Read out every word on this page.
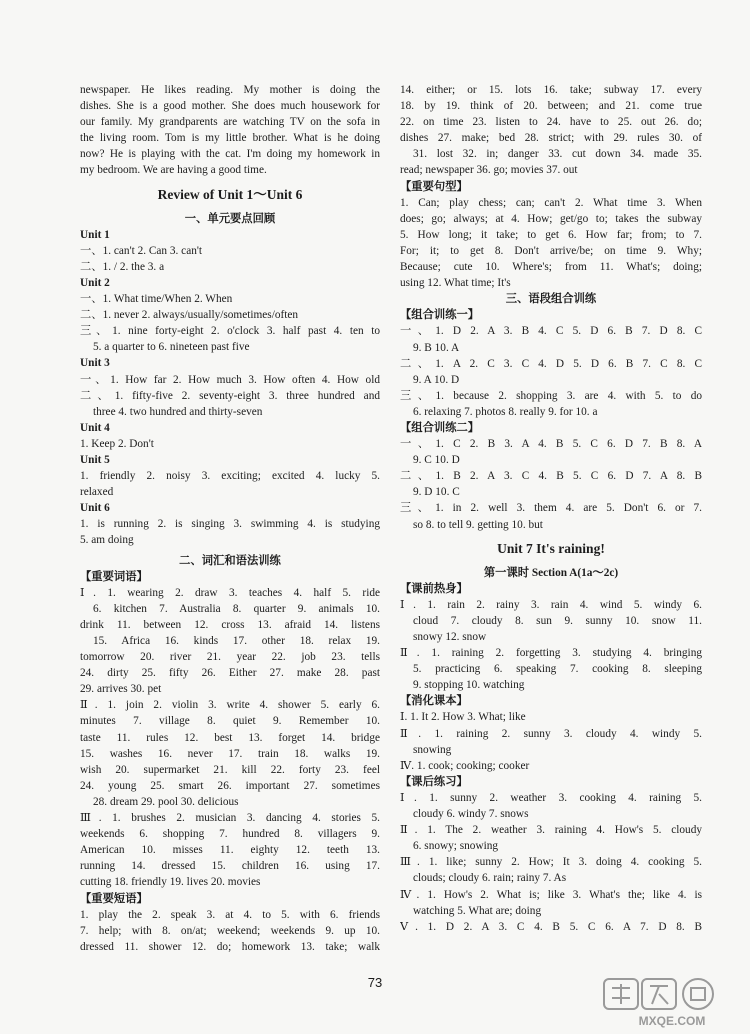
newspaper. He likes reading. My mother is doing the
dishes. She is a good mother. She does much housework for
our family. My grandparents are watching TV on the sofa in
the living room. Tom is my little brother. What is he doing
now? He is playing with the cat. I'm doing my homework in
my bedroom. We are having a good time.
Review of Unit 1～Unit 6
一、单元要点回顾
Unit 1
一、1. can't 2. Can 3. can't
二、1. / 2. the 3. a
Unit 2
一、1. What time/When 2. When
二、1. never 2. always/usually/sometimes/often
三、1. nine forty-eight 2. o'clock 3. half past 4. ten to
5. a quarter to 6. nineteen past five
Unit 3
一、1. How far 2. How much 3. How often 4. How old
二、1. fifty-five 2. seventy-eight 3. three hundred and
three 4. two hundred and thirty-seven
Unit 4
1. Keep 2. Don't
Unit 5
1. friendly 2. noisy 3. exciting; excited 4. lucky 5.
relaxed
Unit 6
1. is running 2. is singing 3. swimming 4. is studying
5. am doing
二、词汇和语法训练
【重要词语】
Ⅰ. 1. wearing 2. draw 3. teaches 4. half 5. ride
6. kitchen 7. Australia 8. quarter 9. animals 10.
drink 11. between 12. cross 13. afraid 14. listens
15. Africa 16. kinds 17. other 18. relax 19.
tomorrow 20. river 21. year 22. job 23. tells
24. dirty 25. fifty 26. Either 27. make 28. past
29. arrives 30. pet
Ⅱ. 1. join 2. violin 3. write 4. shower 5. early 6.
minutes 7. village 8. quiet 9. Remember 10.
taste 11. rules 12. best 13. forget 14. bridge
15. washes 16. never 17. train 18. walks 19.
wish 20. supermarket 21. kill 22. forty 23. feel
24. young 25. smart 26. important 27. sometimes
28. dream 29. pool 30. delicious
Ⅲ. 1. brushes 2. musician 3. dancing 4. stories 5.
weekends 6. shopping 7. hundred 8. villagers 9.
American 10. misses 11. eighty 12. teeth 13.
running 14. dressed 15. children 16. using 17.
cutting 18. friendly 19. lives 20. movies
【重要短语】
1. play the 2. speak 3. at 4. to 5. with 6. friends
7. help; with 8. on/at; weekend; weekends 9. up 10.
dressed 11. shower 12. do; homework 13. take; walk
14. either; or 15. lots 16. take; subway 17. every
18. by 19. think of 20. between; and 21. come true
22. on time 23. listen to 24. have to 25. out 26. do;
dishes 27. make; bed 28. strict; with 29. rules 30. of
31. lost 32. in; danger 33. cut down 34. made 35.
read; newspaper 36. go; movies 37. out
【重要句型】
1. Can; play chess; can; can't 2. What time 3. When
does; go; always; at 4. How; get/go to; takes the subway
5. How long; it take; to get 6. How far; from; to 7.
For; it; to get 8. Don't arrive/be; on time 9. Why;
Because; cute 10. Where's; from 11. What's; doing;
using 12. What time; It's
三、语段组合训练
【组合训练一】
一、1. D 2. A 3. B 4. C 5. D 6. B 7. D 8. C
9. B 10. A
二、1. A 2. C 3. C 4. D 5. D 6. B 7. C 8. C
9. A 10. D
三、1. because 2. shopping 3. are 4. with 5. to do
6. relaxing 7. photos 8. really 9. for 10. a
【组合训练二】
一、1. C 2. B 3. A 4. B 5. C 6. D 7. B 8. A
9. C 10. D
二、1. B 2. A 3. C 4. B 5. C 6. D 7. A 8. B
9. D 10. C
三、1. in 2. well 3. them 4. are 5. Don't 6. or 7.
so 8. to tell 9. getting 10. but
Unit 7 It's raining!
第一课时 Section A(1a～2c)
【课前热身】
Ⅰ. 1. rain 2. rainy 3. rain 4. wind 5. windy 6.
cloud 7. cloudy 8. sun 9. sunny 10. snow 11.
snowy 12. snow
Ⅱ. 1. raining 2. forgetting 3. studying 4. bringing
5. practicing 6. speaking 7. cooking 8. sleeping
9. stopping 10. watching
【消化课本】
Ⅰ. 1. It 2. How 3. What; like
Ⅱ. 1. raining 2. sunny 3. cloudy 4. windy 5.
snowing
Ⅳ. 1. cook; cooking; cooker
【课后练习】
Ⅰ. 1. sunny 2. weather 3. cooking 4. raining 5.
cloudy 6. windy 7. snows
Ⅱ. 1. The 2. weather 3. raining 4. How's 5. cloudy
6. snowy; snowing
Ⅲ. 1. like; sunny 2. How; It 3. doing 4. cooking 5.
clouds; cloudy 6. rain; rainy 7. As
Ⅳ. 1. How's 2. What is; like 3. What's the; like 4. is
watching 5. What are; doing
Ⅴ. 1. D 2. A 3. C 4. B 5. C 6. A 7. D 8. B
73
MXQE.COM
